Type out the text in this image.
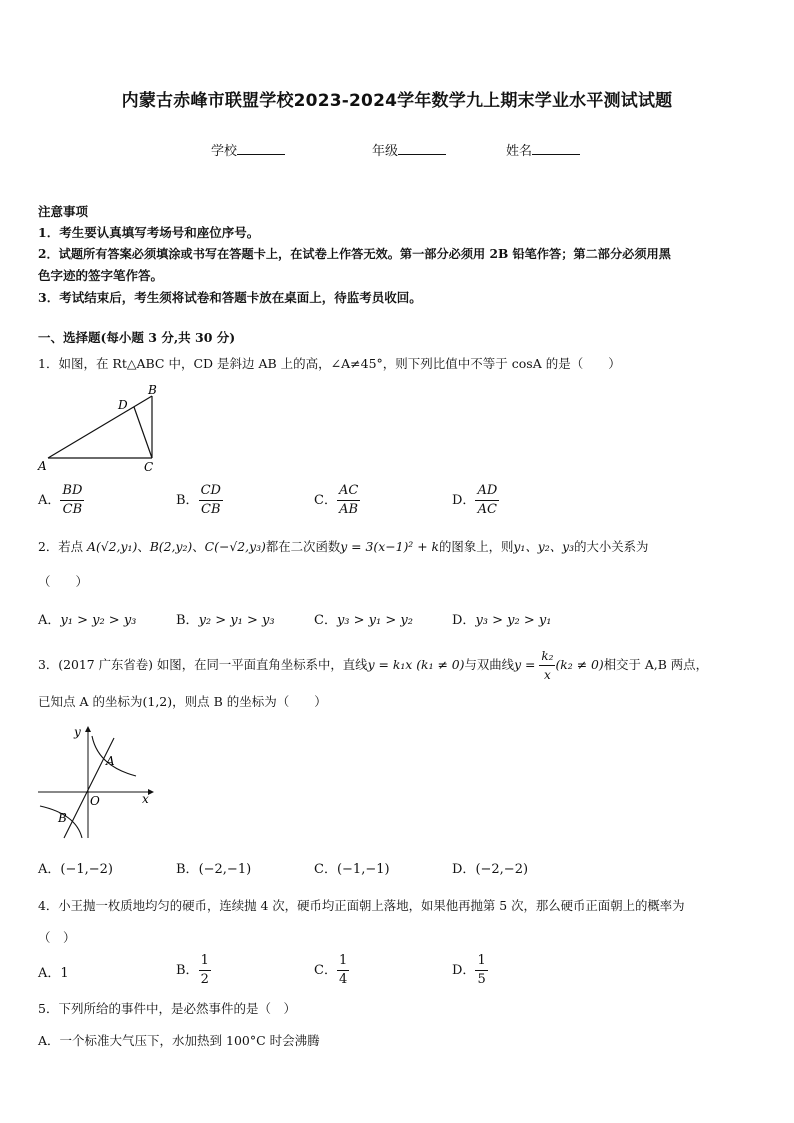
内蒙古赤峰市联盟学校2023-2024学年数学九上期末学业水平测试试题
学校	年级	姓名
注意事项
1．考生要认真填写考场号和座位序号。
2．试题所有答案必须填涂或书写在答题卡上，在试卷上作答无效。第一部分必须用 2B 铅笔作答；第二部分必须用黑
色字迹的签字笔作答。
3．考试结束后，考生须将试卷和答题卡放在桌面上，待监考员收回。
一、选择题(每小题 3 分,共 30 分)
1．如图，在 Rt△ABC 中，CD 是斜边 AB 上的高，∠A≠45°，则下列比值中不等于 cosA 的是（　　）
A
B
C
D
A． $\frac{BD}{CB}$	B． $\frac{CD}{CB}$	C． $\frac{AC}{AB}$	D． $\frac{AD}{AC}$
2．若点 A(√2,y₁)、B(2,y₂)、C(−√2,y₃)都在二次函数y = 3(x−1)² + k的图象上，则y₁、y₂、y₃的大小关系为
（　　）
A．y₁ > y₂ > y₃	B．y₂ > y₁ > y₃	C．y₃ > y₁ > y₂	D．y₃ > y₂ > y₁
3．(2017 广东省卷) 如图，在同一平面直角坐标系中，直线y = k₁x (k₁ ≠ 0)与双曲线$y = \frac{\text{k₂}}{x} (k_2 \ne 0)$相交于 A,B 两点，
已知点 A 的坐标为(1,2)，则点 B 的坐标为（　　）
y
x
O
A
B
A．(−1,−2)	B．(−2,−1)	C．(−1,−1)	D．(−2,−2)
4．小王抛一枚质地均匀的硬币，连续抛 4 次，硬币均正面朝上落地，如果他再抛第 5 次，那么硬币正面朝上的概率为
（　）
A．1	B． $\frac{1}{2}$	C． $\frac{1}{4}$	D． $\frac{1}{5}$
5．下列所给的事件中，是必然事件的是（　）
A．一个标准大气压下，水加热到 100°C 时会沸腾
